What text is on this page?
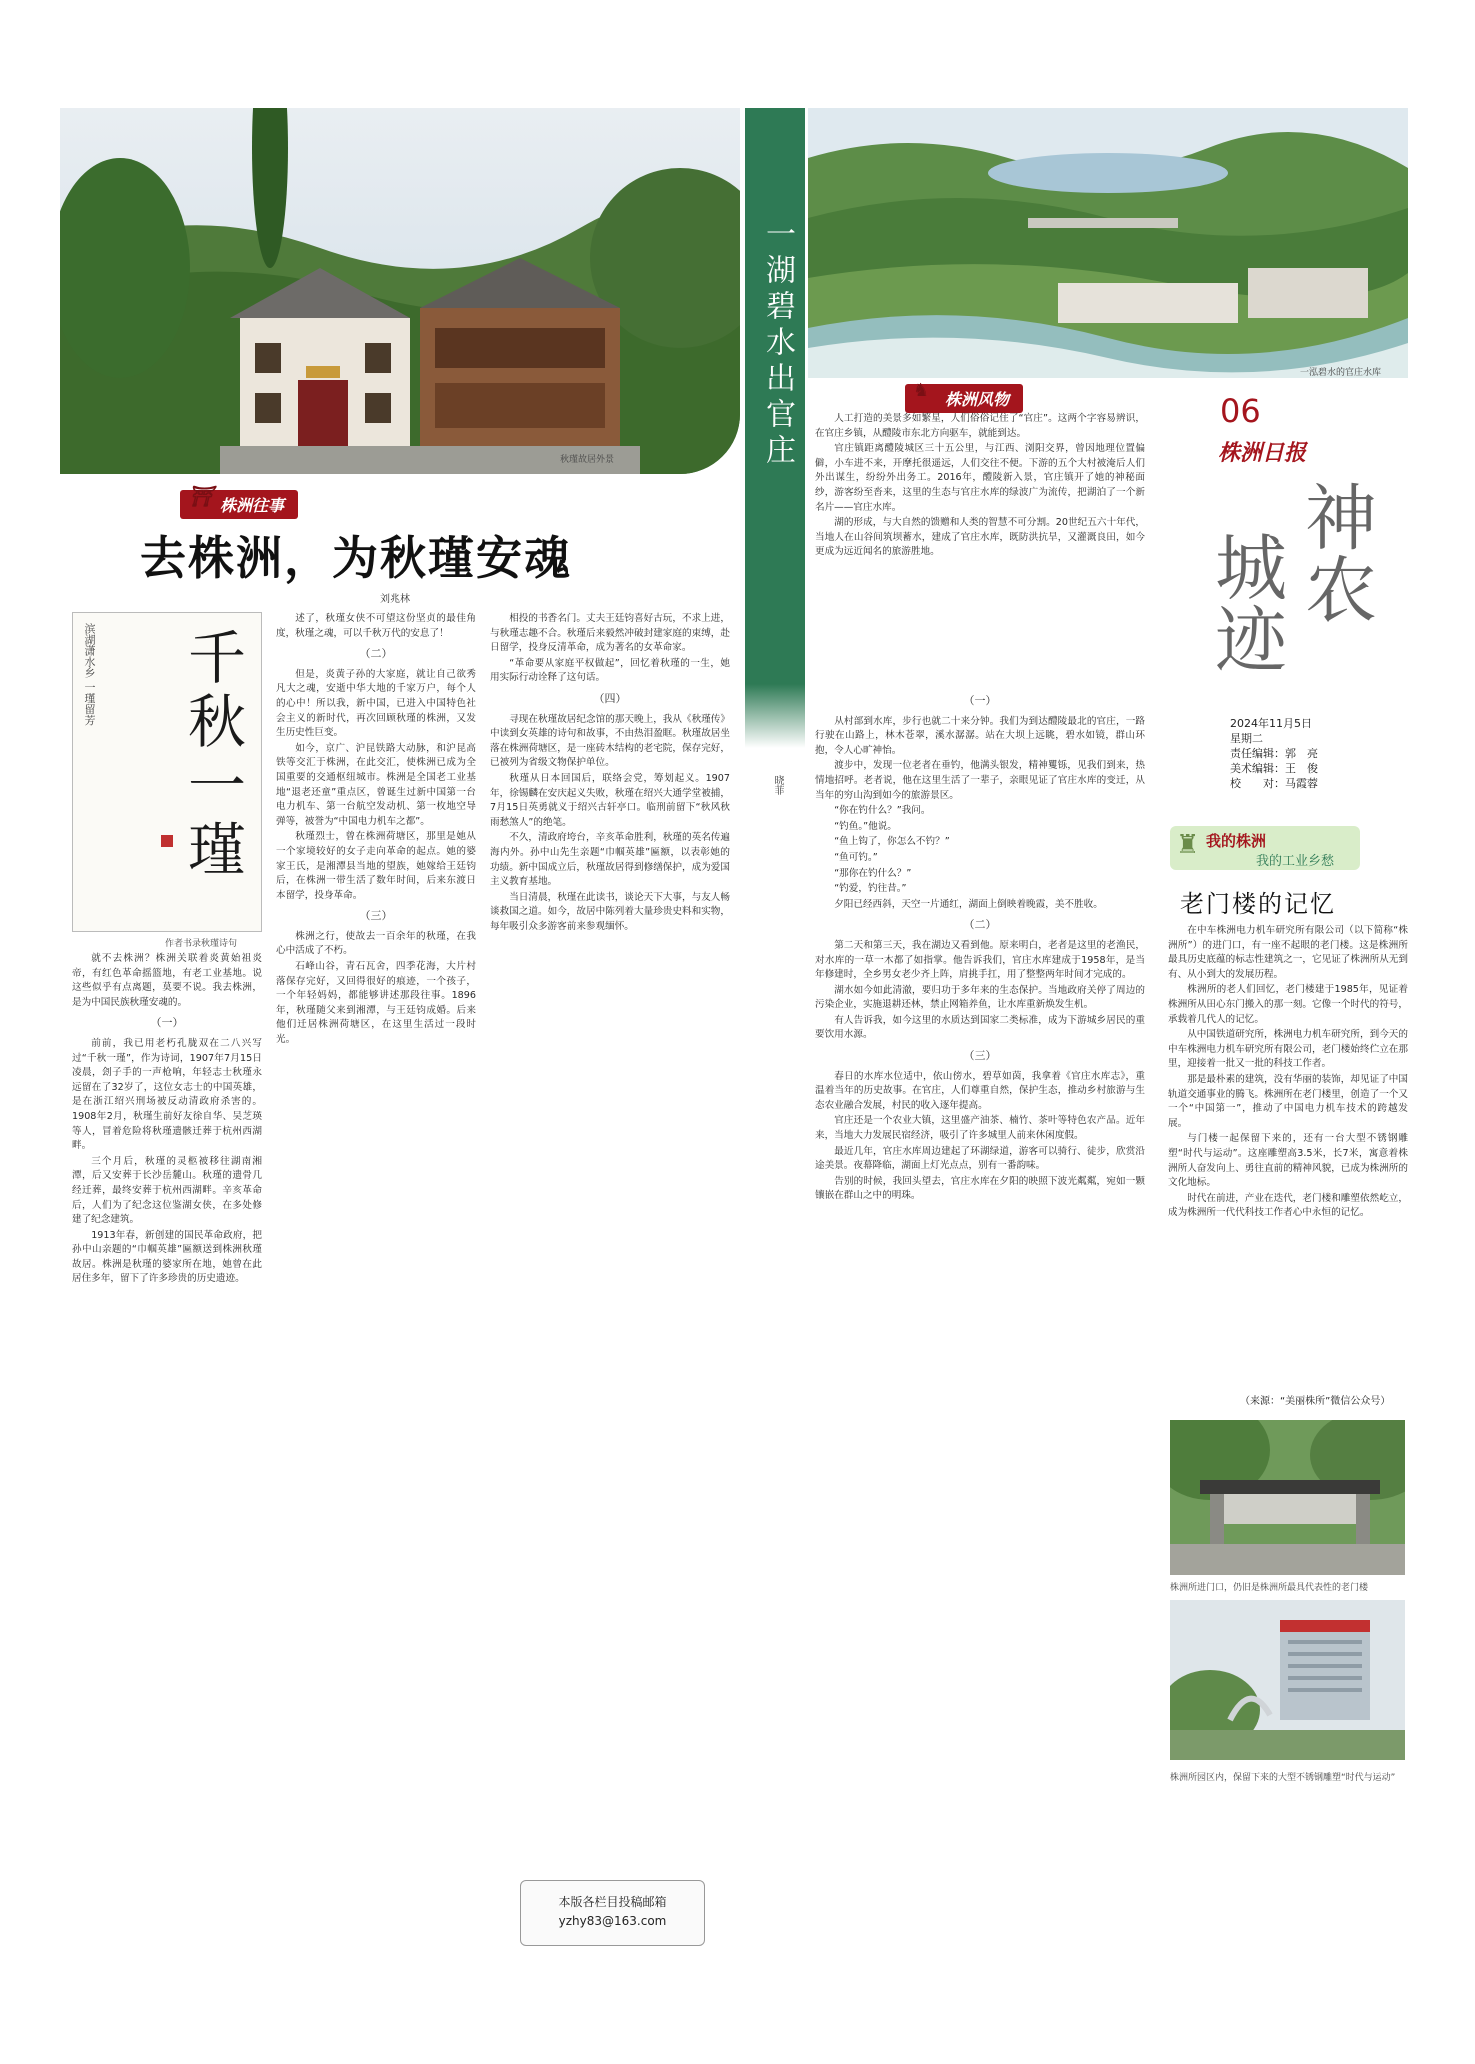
秋瑾故居外景
⛩ 株洲往事
去株洲，为秋瑾安魂
刘兆林
滨湖潇水乡 一瑾留芳 千秋一瑾
作者书录秋瑾诗句

就不去株洲？株洲关联着炎黄始祖炎帝，有红色革命摇篮地，有老工业基地。说这些似乎有点离题，莫要不说。我去株洲，是为中国民族秋瑾安魂的。

（一）

前前，我已用老朽孔胧双在二八兴写过“千秋一瑾”，作为诗词，1907年7月15日凌晨，刽子手的一声枪响，年轻志士秋瑾永远留在了32岁了，这位女志士的中国英雄，是在浙江绍兴刑场被反动清政府杀害的。1908年2月，秋瑾生前好友徐自华、吴芝瑛等人，冒着危险将秋瑾遗骸迁葬于杭州西湖畔。

三个月后，秋瑾的灵柩被移往湖南湘潭，后又安葬于长沙岳麓山。秋瑾的遗骨几经迁葬，最终安葬于杭州西湖畔。辛亥革命后，人们为了纪念这位鉴湖女侠，在多处修建了纪念建筑。

1913年春，新创建的国民革命政府，把孙中山亲题的“巾帼英雄”匾额送到株洲秋瑾故居。株洲是秋瑾的婆家所在地，她曾在此居住多年，留下了许多珍贵的历史遗迹。

述了，秋瑾女侠不可望这份坚贞的最佳角度，秋瑾之魂，可以千秋万代的安息了！

（二）

但是，炎黄子孙的大家庭，就让自己欲秀凡大之魂，安逝中华大地的千家万户，每个人的心中！所以我，新中国，已进入中国特色社会主义的新时代，再次回顾秋瑾的株洲，又发生历史性巨变。

如今，京广、沪昆铁路大动脉，和沪昆高铁等交汇于株洲，在此交汇，使株洲已成为全国重要的交通枢纽城市。株洲是全国老工业基地“退老还童”重点区，曾诞生过新中国第一台电力机车、第一台航空发动机、第一枚地空导弹等，被誉为“中国电力机车之都”。

秋瑾烈士，曾在株洲荷塘区，那里是她从一个家境较好的女子走向革命的起点。她的婆家王氏，是湘潭县当地的望族，她嫁给王廷钧后，在株洲一带生活了数年时间，后来东渡日本留学，投身革命。

（三）

株洲之行，使故去一百余年的秋瑾，在我心中活成了不朽。

石峰山谷，青石瓦舍，四季花海，大片村落保存完好，又回得很好的痕迹，一个孩子，一个年轻妈妈，都能够讲述那段往事。1896年，秋瑾随父来到湘潭，与王廷钧成婚。后来他们迁居株洲荷塘区，在这里生活过一段时光。

相投的书香名门。丈夫王廷钧喜好古玩，不求上进，与秋瑾志趣不合。秋瑾后来毅然冲破封建家庭的束缚，赴日留学，投身反清革命，成为著名的女革命家。

“革命要从家庭平权做起”，回忆着秋瑾的一生，她用实际行动诠释了这句话。

（四）

寻现在秋瑾故居纪念馆的那天晚上，我从《秋瑾传》中读到女英雄的诗句和故事，不由热泪盈眶。秋瑾故居坐落在株洲荷塘区，是一座砖木结构的老宅院，保存完好，已被列为省级文物保护单位。

秋瑾从日本回国后，联络会党，筹划起义。1907年，徐锡麟在安庆起义失败，秋瑾在绍兴大通学堂被捕，7月15日英勇就义于绍兴古轩亭口。临刑前留下“秋风秋雨愁煞人”的绝笔。

不久，清政府垮台，辛亥革命胜利，秋瑾的英名传遍海内外。孙中山先生亲题“巾帼英雄”匾额，以表彰她的功绩。新中国成立后，秋瑾故居得到修缮保护，成为爱国主义教育基地。

当日清晨，秋瑾在此读书，谈论天下大事，与友人畅谈救国之道。如今，故居中陈列着大量珍贵史料和实物，每年吸引众多游客前来参观缅怀。

本版各栏目投稿邮箱
yzhy83@163.com
一湖碧水出官庄
晓菲
一泓碧水的官庄水库
♞ 株洲风物

人工打造的美景多如繁星，人们俗俗记住了“官庄”。这两个字容易辨识，在官庄乡镇，从醴陵市东北方向驱车，就能到达。

官庄镇距离醴陵城区三十五公里，与江西、浏阳交界，曾因地理位置偏僻，小车进不来，开摩托很遥远，人们交往不便。下游的五个大村被淹后人们外出谋生，纷纷外出务工。2016年，醴陵新入景，官庄镇开了她的神秘面纱，游客纷至沓来，这里的生态与官庄水库的绿波广为流传，把湖泊了一个新名片——官庄水库。

湖的形成，与大自然的馈赠和人类的智慧不可分割。20世纪五六十年代，当地人在山谷间筑坝蓄水，建成了官庄水库，既防洪抗旱，又灌溉良田，如今更成为远近闻名的旅游胜地。

（一）

从村部到水库，步行也就二十来分钟。我们为到达醴陵最北的官庄，一路行驶在山路上，林木苍翠，溪水潺潺。站在大坝上远眺，碧水如镜，群山环抱，令人心旷神怡。

渡步中，发现一位老者在垂钓，他满头银发，精神矍铄，见我们到来，热情地招呼。老者说，他在这里生活了一辈子，亲眼见证了官庄水库的变迁，从当年的穷山沟到如今的旅游景区。

“你在钓什么？”我问。

“钓鱼。”他说。

“鱼上钩了，你怎么不钓？”

“鱼可钓。”

“那你在钓什么？”

“钓爱，钓往昔。”

夕阳已经西斜，天空一片通红，湖面上倒映着晚霞，美不胜收。

（二）

第二天和第三天，我在湖边又看到他。原来明白，老者是这里的老渔民，对水库的一草一木都了如指掌。他告诉我们，官庄水库建成于1958年，是当年修建时，全乡男女老少齐上阵，肩挑手扛，用了整整两年时间才完成的。

湖水如今如此清澈，要归功于多年来的生态保护。当地政府关停了周边的污染企业，实施退耕还林，禁止网箱养鱼，让水库重新焕发生机。

有人告诉我，如今这里的水质达到国家二类标准，成为下游城乡居民的重要饮用水源。

（三）

春日的水库水位适中，依山傍水，碧草如茵，我拿着《官庄水库志》，重温着当年的历史故事。在官庄，人们尊重自然，保护生态，推动乡村旅游与生态农业融合发展，村民的收入逐年提高。

官庄还是一个农业大镇，这里盛产油茶、楠竹、茶叶等特色农产品。近年来，当地大力发展民宿经济，吸引了许多城里人前来休闲度假。

最近几年，官庄水库周边建起了环湖绿道，游客可以骑行、徒步，欣赏沿途美景。夜幕降临，湖面上灯光点点，别有一番韵味。

告别的时候，我回头望去，官庄水库在夕阳的映照下波光粼粼，宛如一颗镶嵌在群山之中的明珠。

06
株洲日报
神农
城迹
2024年11月5日
星期二
责任编辑：郭　亮
美术编辑：王　俊
校　　对：马霞蓉
♜ 我的株洲
我的工业乡愁
老门楼的记忆

在中车株洲电力机车研究所有限公司（以下简称“株洲所”）的进门口，有一座不起眼的老门楼。这是株洲所最具历史底蕴的标志性建筑之一，它见证了株洲所从无到有、从小到大的发展历程。

株洲所的老人们回忆，老门楼建于1985年，见证着株洲所从田心东门搬入的那一刻。它像一个时代的符号，承载着几代人的记忆。

从中国铁道研究所，株洲电力机车研究所，到今天的中车株洲电力机车研究所有限公司，老门楼始终伫立在那里，迎接着一批又一批的科技工作者。

那是最朴素的建筑，没有华丽的装饰，却见证了中国轨道交通事业的腾飞。株洲所在老门楼里，创造了一个又一个“中国第一”，推动了中国电力机车技术的跨越发展。

与门楼一起保留下来的，还有一台大型不锈钢雕塑“时代与运动”。这座雕塑高3.5米，长7米，寓意着株洲所人奋发向上、勇往直前的精神风貌，已成为株洲所的文化地标。

时代在前进，产业在迭代，老门楼和雕塑依然屹立，成为株洲所一代代科技工作者心中永恒的记忆。

（来源：“美丽株所”微信公众号）
株洲所进门口，仍旧是株洲所最具代表性的老门楼
株洲所园区内，保留下来的大型不锈钢雕塑“时代与运动”
